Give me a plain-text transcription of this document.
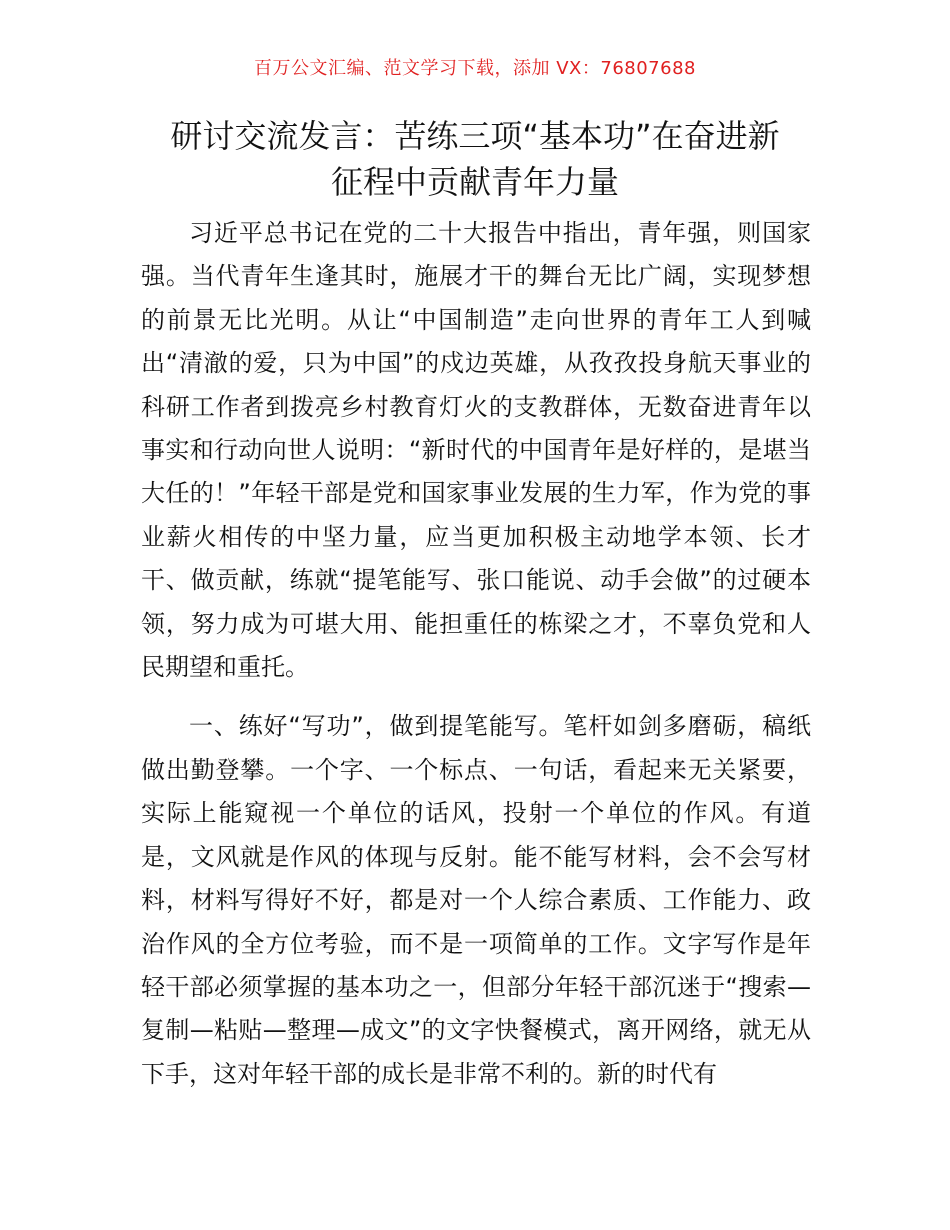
百万公文汇编、范文学习下载，添加 VX：76807688
研讨交流发言：苦练三项“基本功”在奋进新
征程中贡献青年力量

习近平总书记在党的二十大报告中指出，青年强，则国家强。当代青年生逢其时，施展才干的舞台无比广阔，实现梦想的前景无比光明。从让“中国制造”走向世界的青年工人到喊出“清澈的爱，只为中国”的戍边英雄，从孜孜投身航天事业的科研工作者到拨亮乡村教育灯火的支教群体，无数奋进青年以事实和行动向世人说明：“新时代的中国青年是好样的，是堪当大任的！”年轻干部是党和国家事业发展的生力军，作为党的事业薪火相传的中坚力量，应当更加积极主动地学本领、长才干、做贡献，练就“提笔能写、张口能说、动手会做”的过硬本领，努力成为可堪大用、能担重任的栋梁之才，不辜负党和人民期望和重托。

一、练好“写功”，做到提笔能写。笔杆如剑多磨砺，稿纸做出勤登攀。一个字、一个标点、一句话，看起来无关紧要，实际上能窥视一个单位的话风，投射一个单位的作风。有道是，文风就是作风的体现与反射。能不能写材料，会不会写材料，材料写得好不好，都是对一个人综合素质、工作能力、政治作风的全方位考验，而不是一项简单的工作。文字写作是年轻干部必须掌握的基本功之一，但部分年轻干部沉迷于“搜索—复制—粘贴—整理—成文”的文字快餐模式，离开网络，就无从下手，这对年轻干部的成长是非常不利的。新的时代有
